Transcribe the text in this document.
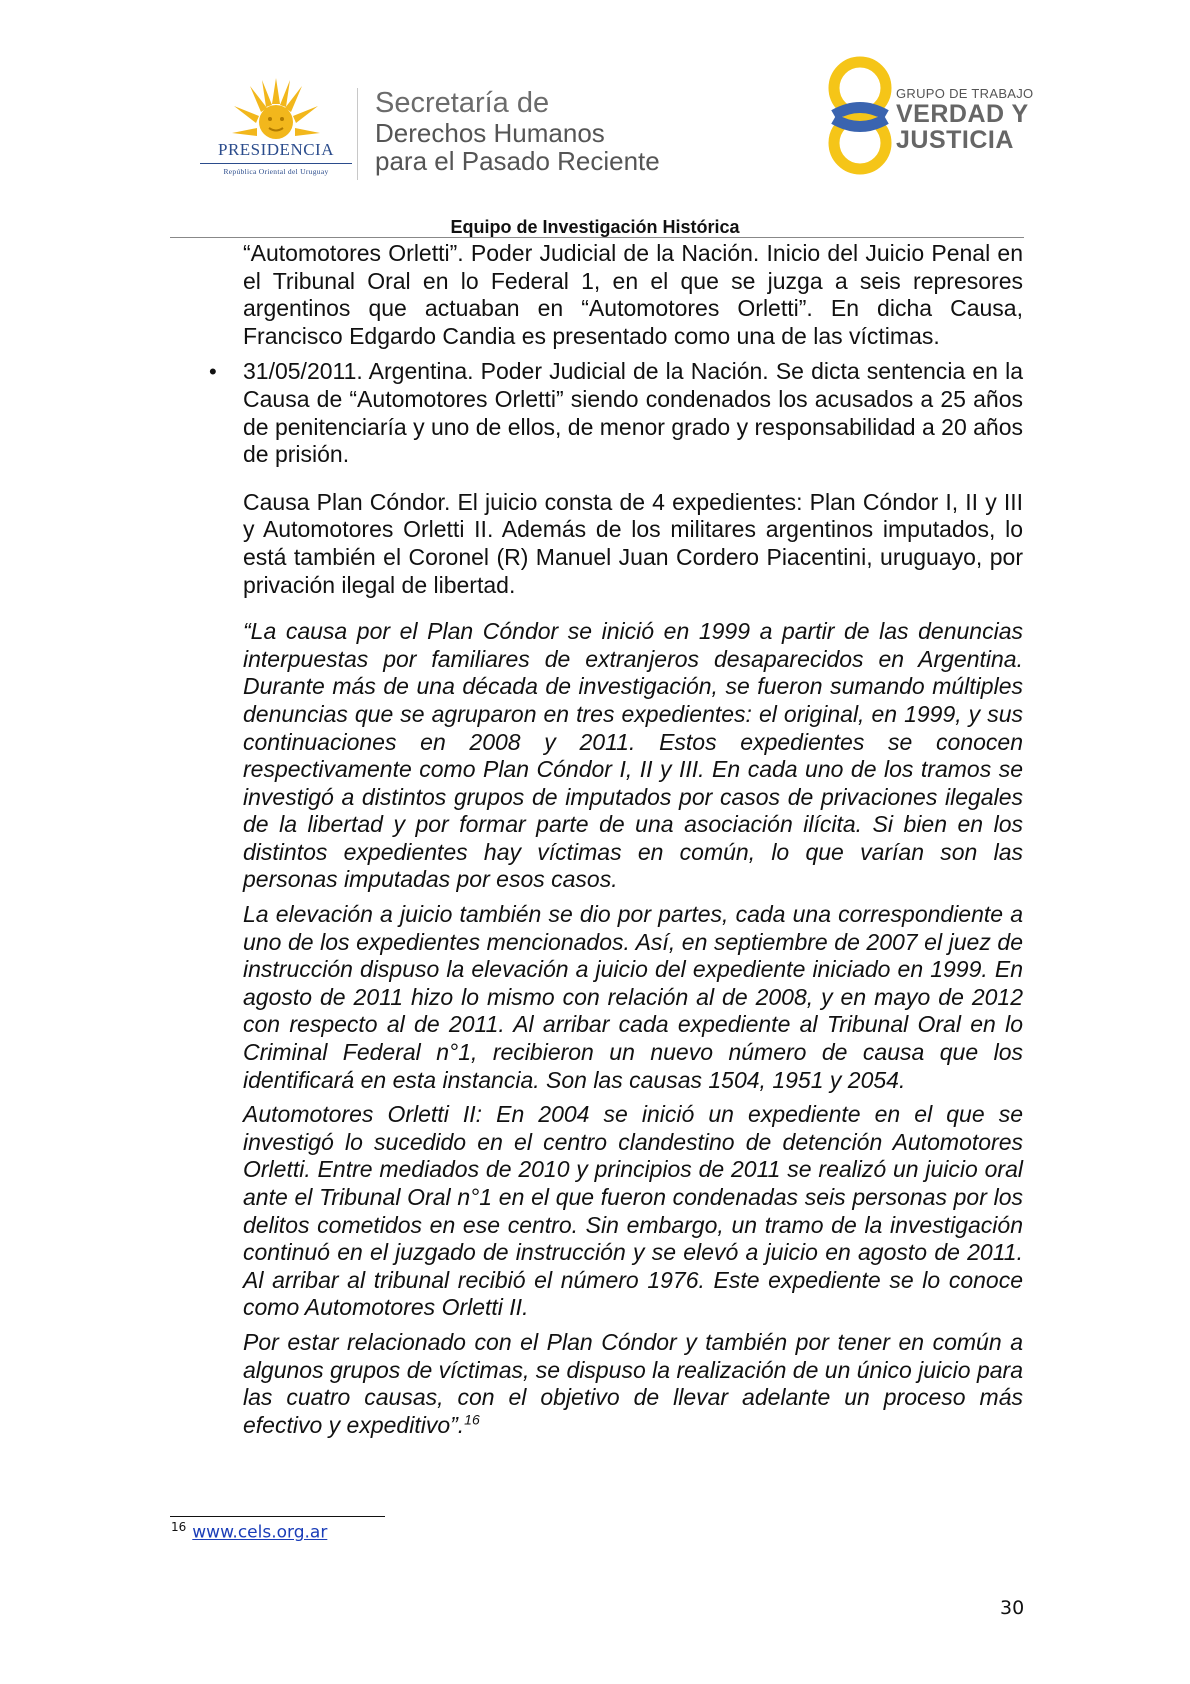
PRESIDENCIA
República Oriental del Uruguay
Secretaría de
Derechos Humanos
para el Pasado Reciente
GRUPO DE TRABAJO
VERDAD Y
JUSTICIA
Equipo de Investigación Histórica

“Automotores Orletti”. Poder Judicial de la Nación. Inicio del Juicio Penal en el Tribunal Oral en lo Federal 1, en el que se juzga a seis represores argentinos que actuaban en “Automotores Orletti”. En dicha Causa, Francisco Edgardo Candia es presentado como una de las víctimas.

• 31/05/2011. Argentina. Poder Judicial de la Nación. Se dicta sentencia en la Causa de “Automotores Orletti” siendo condenados los acusados a 25 años de penitenciaría y uno de ellos, de menor grado y responsabilidad a 20 años de prisión.

Causa Plan Cóndor. El juicio consta de 4 expedientes: Plan Cóndor I, II y III y Automotores Orletti II. Además de los militares argentinos imputados, lo está también el Coronel (R) Manuel Juan Cordero Piacentini, uruguayo, por privación ilegal de libertad.

“La causa por el Plan Cóndor se inició en 1999 a partir de las denuncias interpuestas por familiares de extranjeros desaparecidos en Argentina. Durante más de una década de investigación, se fueron sumando múltiples denuncias que se agruparon en tres expedientes: el original, en 1999, y sus continuaciones en 2008 y 2011. Estos expedientes se conocen respectivamente como Plan Cóndor I, II y III. En cada uno de los tramos se investigó a distintos grupos de imputados por casos de privaciones ilegales de la libertad y por formar parte de una asociación ilícita. Si bien en los distintos expedientes hay víctimas en común, lo que varían son las personas imputadas por esos casos.

La elevación a juicio también se dio por partes, cada una correspondiente a uno de los expedientes mencionados. Así, en septiembre de 2007 el juez de instrucción dispuso la elevación a juicio del expediente iniciado en 1999. En agosto de 2011 hizo lo mismo con relación al de 2008, y en mayo de 2012 con respecto al de 2011. Al arribar cada expediente al Tribunal Oral en lo Criminal Federal n°1, recibieron un nuevo número de causa que los identificará en esta instancia. Son las causas 1504, 1951 y 2054.

Automotores Orletti II: En 2004 se inició un expediente en el que se investigó lo sucedido en el centro clandestino de detención Automotores Orletti. Entre mediados de 2010 y principios de 2011 se realizó un juicio oral ante el Tribunal Oral n°1 en el que fueron condenadas seis personas por los delitos cometidos en ese centro. Sin embargo, un tramo de la investigación continuó en el juzgado de instrucción y se elevó a juicio en agosto de 2011. Al arribar al tribunal recibió el número 1976. Este expediente se lo conoce como Automotores Orletti II.

Por estar relacionado con el Plan Cóndor y también por tener en común a algunos grupos de víctimas, se dispuso la realización de un único juicio para las cuatro causas, con el objetivo de llevar adelante un proceso más efectivo y expeditivo”.$^{16}$

$^{16}$ www.cels.org.ar
30
